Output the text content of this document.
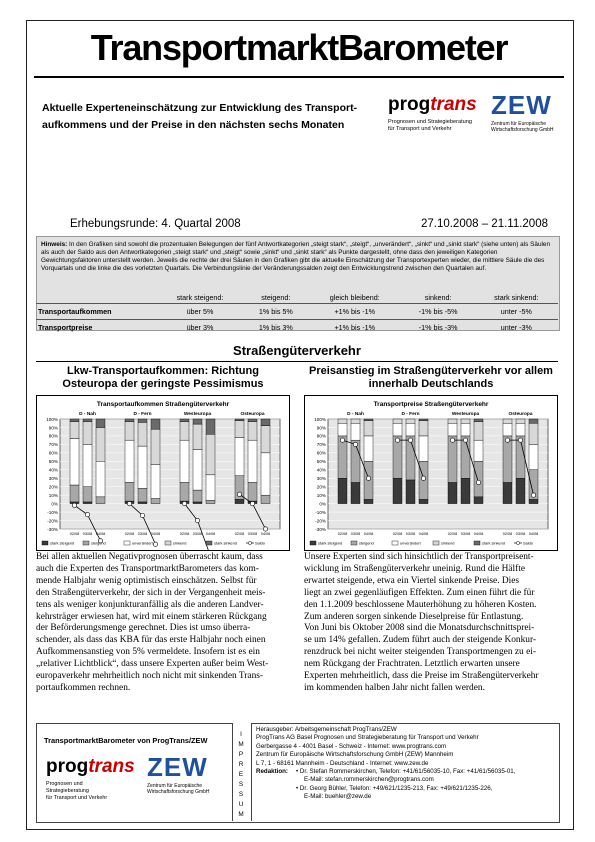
TransportmarktBarometer
Aktuelle Experteneinschätzung zur Entwicklung des Transport-
aufkommens und der Preise in den nächsten sechs Monaten
progtrans
Prognosen und Strategieberatung
für Transport und Verkehr
ZEW
Zentrum für Europäische
Wirtschaftsforschung GmbH
Erhebungsrunde: 4. Quartal 2008	27.10.2008 – 21.11.2008
Hinweis: In den Grafiken sind sowohl die prozentualen Belegungen der fünf Antwortkategorien „steigt stark“, „steigt“, „unverändert“, „sinkt“ und „sinkt stark“ (siehe unten) als Säulen als auch der Saldo aus den Antwortkategorien „steigt stark“ und „steigt“ sowie „sinkt“ und „sinkt stark“ als Punkte dargestellt, ohne dass den jeweiligen Kategorien Gewichtungsfaktoren unterstellt werden. Jeweils die rechte der drei Säulen in den Grafiken gibt die aktuelle Einschätzung der Transportexperten wieder, die mittlere Säule die des Vorquartals und die linke die des vorletzten Quartals. Die Verbindungslinie der Veränderungssalden zeigt den Entwicklungstrend zwischen den Quartalen auf.
	stark steigend:	steigend:	gleich bleibend:	sinkend:	stark sinkend:
Transportaufkommen	über 5%	1% bis 5%	+1% bis -1%	-1% bis -5%	unter -5%
Transportpreise	über 3%	1% bis 3%	+1% bis -1%	-1% bis -3%	unter -3%
Straßengüterverkehr
Lkw-Transportaufkommen: Richtung
Osteuropa der geringste Pessimismus
Preisanstieg im Straßengüterverkehr vor allem
innerhalb Deutschlands
Transportaufkommen Straßengüterverkehr
100%
90%
80%
70%
60%
50%
40%
30%
20%
10%
0%
-10%
-20%
-30%
D - Nah
02/08 03/08 04/08
D - Fern
02/08 03/08 04/08
Westeuropa
02/08 03/08 04/08
Osteuropa
02/08 03/08 04/08
stark steigend	steigend	unverändert	sinkend	stark sinkend	Saldo
Transportpreise Straßengüterverkehr
100%
90%
80%
70%
60%
50%
40%
30%
20%
10%
0%
-10%
-20%
-30%
D - Nah
02/08 03/08 04/08
D - Fern
02/08 03/08 04/08
Westeuropa
02/08 03/08 04/08
Osteuropa
02/08 03/08 04/08
stark steigend	steigend	unverändert	sinkend	stark sinkend	Saldo
Bei allen aktuellen Negativprognosen überrascht kaum, dass
auch die Experten des TransportmarktBarometers das kom-
mende Halbjahr wenig optimistisch einschätzen. Selbst für
den Straßengüterverkehr, der sich in der Vergangenheit meis-
tens als weniger konjunkturanfällig als die anderen Landver-
kehrsträger erwiesen hat, wird mit einem stärkeren Rückgang
der Beförderungsmenge gerechnet. Dies ist umso überra-
schender, als dass das KBA für das erste Halbjahr noch einen
Aufkommensanstieg von 5% vermeldete. Insofern ist es ein
„relativer Lichtblick“, dass unsere Experten außer beim West-
europaverkehr mehrheitlich noch nicht mit sinkenden Trans-
portaufkommen rechnen.
Unsere Experten sind sich hinsichtlich der Transportpreisent-
wicklung im Straßengüterverkehr uneinig. Rund die Hälfte
erwartet steigende, etwa ein Viertel sinkende Preise. Dies
liegt an zwei gegenläufigen Effekten. Zum einen führt die für
den 1.1.2009 beschlossene Mauterhöhung zu höheren Kosten.
Zum anderen sorgen sinkende Dieselpreise für Entlastung.
Von Juni bis Oktober 2008 sind die Monatsdurchschnittsprei-
se um 14% gefallen. Zudem führt auch der steigende Konkur-
renzdruck bei nicht weiter steigenden Transportmengen zu ei-
nem Rückgang der Frachtraten. Letztlich erwarten unsere
Experten mehrheitlich, dass die Preise im Straßengüterverkehr
im kommenden halben Jahr nicht fallen werden.
I
M
P
R
E
S
S
U
M
TransportmarktBarometer von ProgTrans/ZEW
progtrans
Prognosen und Strategieberatung
für Transport und Verkehr
ZEW
Zentrum für Europäische
Wirtschaftsforschung GmbH
Herausgeber: Arbeitsgemeinschaft ProgTrans/ZEW
ProgTrans AG Basel Prognosen und Strategieberatung für Transport und Verkehr
Gerbergasse 4 - 4001 Basel - Schweiz - Internet: www.progtrans.com
Zentrum für Europäische Wirtschaftsforschung GmbH (ZEW) Mannheim
L 7, 1 - 68161 Mannheim - Deutschland - Internet: www.zew.de
Redaktion: • Dr. Stefan Rommerskirchen, Telefon: +41/61/56035-10, Fax: +41/61/56035-01,
E-Mail: stefan.rommerskirchen@progtrans.com
• Dr. Georg Bühler, Telefon: +49/621/1235-213, Fax: +49/621/1235-226,
E-Mail: buehler@zew.de
